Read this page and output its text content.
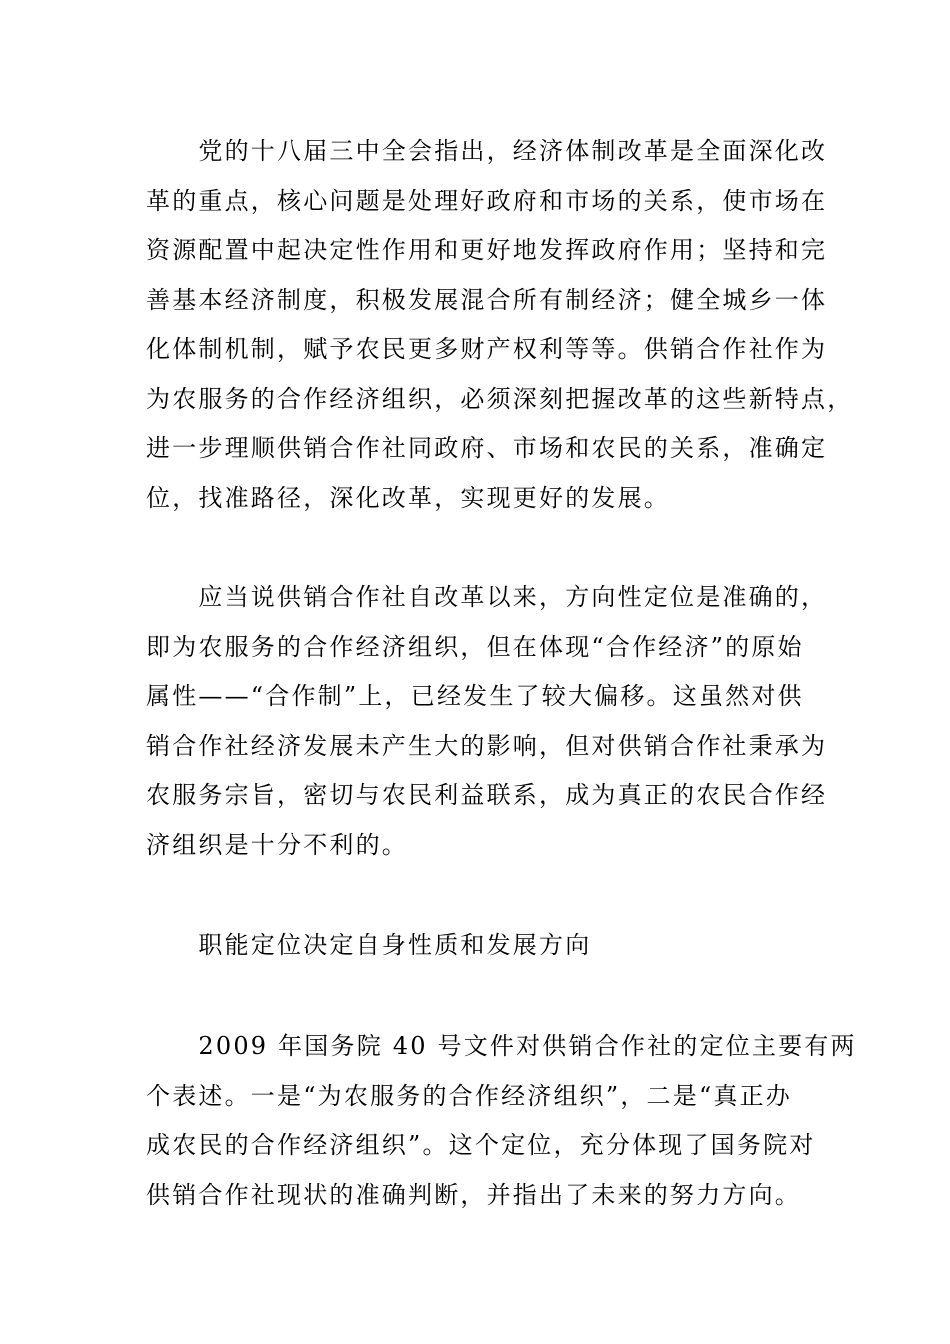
　　党的十八届三中全会指出，经济体制改革是全面深化改
革的重点，核心问题是处理好政府和市场的关系，使市场在
资源配置中起决定性作用和更好地发挥政府作用；坚持和完
善基本经济制度，积极发展混合所有制经济；健全城乡一体
化体制机制，赋予农民更多财产权利等等。供销合作社作为
为农服务的合作经济组织，必须深刻把握改革的这些新特点，
进一步理顺供销合作社同政府、市场和农民的关系，准确定
位，找准路径，深化改革，实现更好的发展。

　　应当说供销合作社自改革以来，方向性定位是准确的，
即为农服务的合作经济组织，但在体现“合作经济”的原始
属性——“合作制”上，已经发生了较大偏移。这虽然对供
销合作社经济发展未产生大的影响，但对供销合作社秉承为
农服务宗旨，密切与农民利益联系，成为真正的农民合作经
济组织是十分不利的。

　　职能定位决定自身性质和发展方向

　　2009 年国务院 40 号文件对供销合作社的定位主要有两
个表述。一是“为农服务的合作经济组织”，二是“真正办
成农民的合作经济组织”。这个定位，充分体现了国务院对
供销合作社现状的准确判断，并指出了未来的努力方向。
